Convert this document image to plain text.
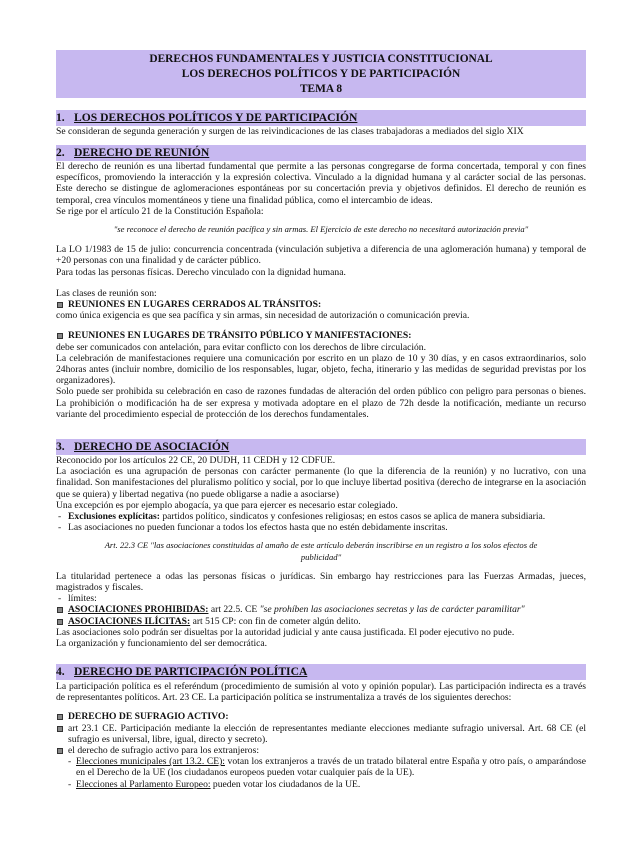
DERECHOS FUNDAMENTALES Y JUSTICIA CONSTITUCIONAL
LOS DERECHOS POLÍTICOS Y DE PARTICIPACIÓN
TEMA 8
1. LOS DERECHOS POLÍTICOS Y DE PARTICIPACIÓN

Se consideran de segunda generación y surgen de las reivindicaciones de las clases trabajadoras a mediados del siglo XIX

2. DERECHO DE REUNIÓN

El derecho de reunión es una libertad fundamental que permite a las personas congregarse de forma concertada, temporal y con fines específicos, promoviendo la interacción y la expresión colectiva. Vinculado a la dignidad humana y al carácter social de las personas. Este derecho se distingue de aglomeraciones espontáneas por su concertación previa y objetivos definidos. El derecho de reunión es temporal, crea vínculos momentáneos y tiene una finalidad pública, como el intercambio de ideas.

Se rige por el artículo 21 de la Constitución Española:

"se reconoce el derecho de reunión pacífica y sin armas. El Ejercicio de este derecho no necesitará autorización previa"

La LO 1/1983 de 15 de julio: concurrencia concentrada (vinculación subjetiva a diferencia de una aglomeración humana) y temporal de +20 personas con una finalidad y de carácter público.

Para todas las personas físicas. Derecho vinculado con la dignidad humana.

Las clases de reunión son:

REUNIONES EN LUGARES CERRADOS AL TRÁNSITOS:

como única exigencia es que sea pacífica y sin armas, sin necesidad de autorización o comunicación previa.

REUNIONES EN LUGARES DE TRÁNSITO PÚBLICO Y MANIFESTACIONES:

debe ser comunicados con antelación, para evitar conflicto con los derechos de libre circulación.

La celebración de manifestaciones requiere una comunicación por escrito en un plazo de 10 y 30 días, y en casos extraordinarios, solo 24horas antes (incluir nombre, domicilio de los responsables, lugar, objeto, fecha, itinerario y las medidas de seguridad previstas por los organizadores).

Solo puede ser prohibida su celebración en caso de razones fundadas de alteración del orden público con peligro para personas o bienes. La prohibición o modificación ha de ser expresa y motivada adoptare en el plazo de 72h desde la notificación, mediante un recurso variante del procedimiento especial de protección de los derechos fundamentales.

3. DERECHO DE ASOCIACIÓN

Reconocido por los artículos 22 CE, 20 DUDH, 11 CEDH y 12 CDFUE.

La asociación es una agrupación de personas con carácter permanente (lo que la diferencia de la reunión) y no lucrativo, con una finalidad. Son manifestaciones del pluralismo político y social, por lo que incluye libertad positiva (derecho de integrarse en la asociación que se quiera) y libertad negativa (no puede obligarse a nadie a asociarse)

Una excepción es por ejemplo abogacía, ya que para ejercer es necesario estar colegiado.

- Exclusiones explícitas: partidos político, sindicatos y confesiones religiosas; en estos casos se aplica de manera subsidiaria.
- Las asociaciones no pueden funcionar a todos los efectos hasta que no estén debidamente inscritas.

Art. 22.3 CE "las asociaciones constituidas al amaño de este artículo deberán inscribirse en un registro a los solos efectos de publicidad"

La titularidad pertenece a odas las personas físicas o jurídicas. Sin embargo hay restricciones para las Fuerzas Armadas, jueces, magistrados y fiscales.

- límites:
ASOCIACIONES PROHIBIDAS: art 22.5. CE "se prohíben las asociaciones secretas y las de carácter paramilitar"
ASOCIACIONES ILÍCITAS: art 515 CP: con fin de cometer algún delito.

Las asociaciones solo podrán ser disueltas por la autoridad judicial y ante causa justificada. El poder ejecutivo no pude.

La organización y funcionamiento del ser democrática.

4. DERECHO DE PARTICIPACIÓN POLÍTICA

La participación política es el referéndum (procedimiento de sumisión al voto y opinión popular). Las participación indirecta es a través de representantes políticos. Art. 23 CE. La participación política se instrumentaliza a través de los siguientes derechos:

DERECHO DE SUFRAGIO ACTIVO:
art 23.1 CE. Participación mediante la elección de representantes mediante elecciones mediante sufragio universal. Art. 68 CE (el sufragio es universal, libre, igual, directo y secreto).
el derecho de sufragio activo para los extranjeros:
- Elecciones municipales (art 13.2. CE): votan los extranjeros a través de un tratado bilateral entre España y otro país, o amparándose en el Derecho de la UE (los ciudadanos europeos pueden votar cualquier país de la UE).
- Elecciones al Parlamento Europeo: pueden votar los ciudadanos de la UE.
